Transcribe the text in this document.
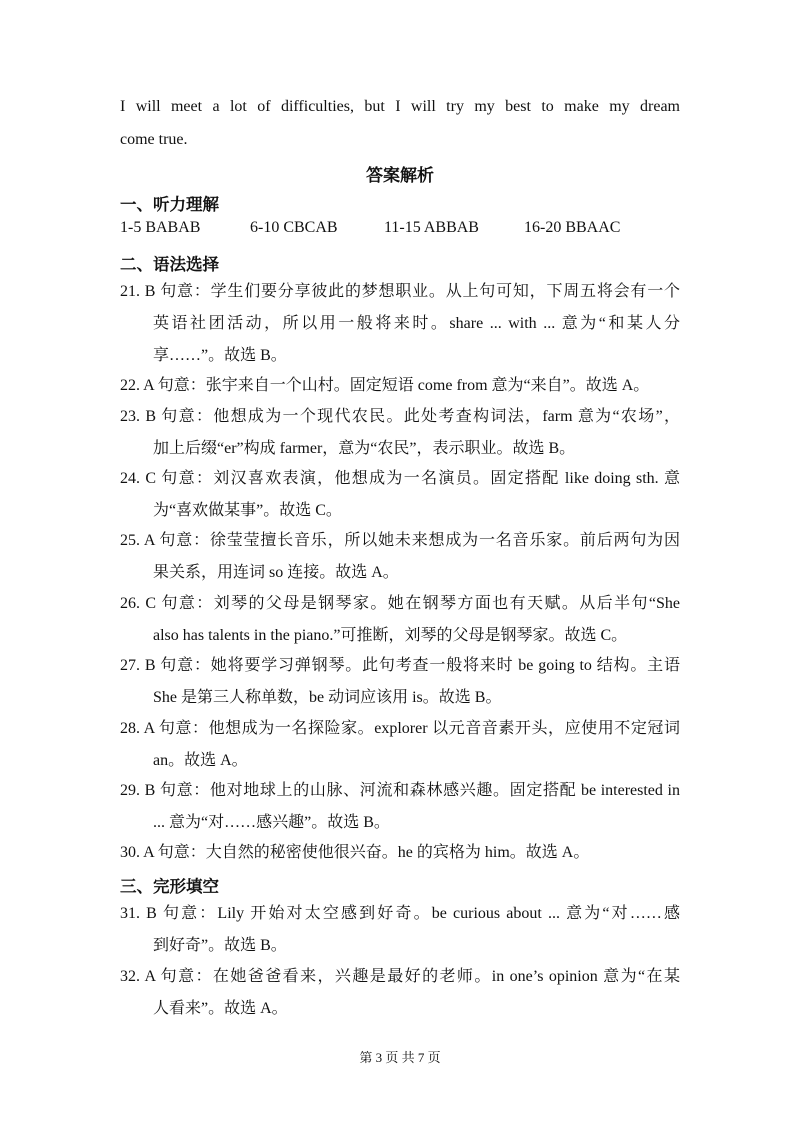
I will meet a lot of difficulties, but I will try my best to make my dream
come true.
答案解析
一、听力理解
1-5 BABAB	6-10 CBCAB	11-15 ABBAB	16-20 BBAAC
二、语法选择
21. B 句意：学生们要分享彼此的梦想职业。从上句可知，下周五将会有一个
英语社团活动，所以用一般将来时。share ... with ... 意为“和某人分
享……”。故选 B。
22. A 句意：张宇来自一个山村。固定短语 come from 意为“来自”。故选 A。
23. B 句意：他想成为一个现代农民。此处考查构词法，farm 意为“农场”，
加上后缀“er”构成 farmer，意为“农民”，表示职业。故选 B。
24. C 句意：刘汉喜欢表演，他想成为一名演员。固定搭配 like doing sth. 意
为“喜欢做某事”。故选 C。
25. A 句意：徐莹莹擅长音乐，所以她未来想成为一名音乐家。前后两句为因
果关系，用连词 so 连接。故选 A。
26. C 句意：刘琴的父母是钢琴家。她在钢琴方面也有天赋。从后半句“She
also has talents in the piano.”可推断，刘琴的父母是钢琴家。故选 C。
27. B 句意：她将要学习弹钢琴。此句考查一般将来时 be going to 结构。主语
She 是第三人称单数，be 动词应该用 is。故选 B。
28. A 句意：他想成为一名探险家。explorer 以元音音素开头，应使用不定冠词
an。故选 A。
29. B 句意：他对地球上的山脉、河流和森林感兴趣。固定搭配 be interested in
... 意为“对……感兴趣”。故选 B。
30. A 句意：大自然的秘密使他很兴奋。he 的宾格为 him。故选 A。
三、完形填空
31. B 句意：Lily 开始对太空感到好奇。be curious about ... 意为“对……感
到好奇”。故选 B。
32. A 句意：在她爸爸看来，兴趣是最好的老师。in one’s opinion 意为“在某
人看来”。故选 A。
第 3 页 共 7 页
